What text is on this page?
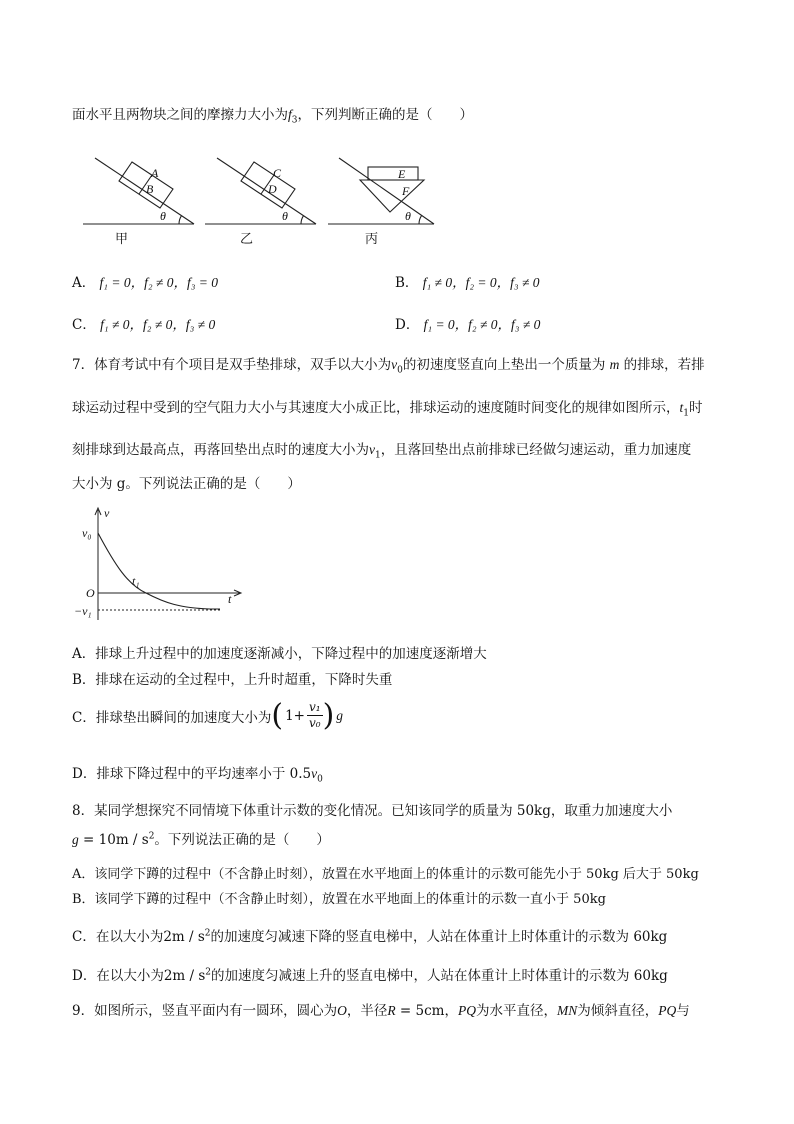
面水平且两物块之间的摩擦力大小为$f_3$，下列判断正确的是（　　）
A
B
θ
C
D
θ
E
F
θ
甲	乙	丙
A． f₁ = 0，f₂ ≠ 0，f₃ = 0	B． f₁ ≠ 0，f₂ = 0，f₃ ≠ 0
C． f₁ ≠ 0，f₂ ≠ 0，f₃ ≠ 0	D． f₁ = 0，f₂ ≠ 0，f₃ ≠ 0
7．体育考试中有个项目是双手垫排球，双手以大小为$v_0$的初速度竖直向上垫出一个质量为 m 的排球，若排
球运动过程中受到的空气阻力大小与其速度大小成正比，排球运动的速度随时间变化的规律如图所示，$t_1$时
刻排球到达最高点，再落回垫出点时的速度大小为$v_1$，且落回垫出点前排球已经做匀速运动，重力加速度
大小为 g。下列说法正确的是（　　）
v
v₀
O
t₁
t
−v₁
A．排球上升过程中的加速度逐渐减小，下降过程中的加速度逐渐增大
B．排球在运动的全过程中，上升时超重，下降时失重
C．排球垫出瞬间的加速度大小为 ( $1+ \frac{\text{v₁}}{\text{v₀}}$ ) g
D．排球下降过程中的平均速率小于 $0.5v_0$
8．某同学想探究不同情境下体重计示数的变化情况。已知该同学的质量为 50kg，取重力加速度大小
$g = 10m / s^2$。下列说法正确的是（　　）
A．该同学下蹲的过程中（不含静止时刻），放置在水平地面上的体重计的示数可能先小于 50kg 后大于 50kg
B．该同学下蹲的过程中（不含静止时刻），放置在水平地面上的体重计的示数一直小于 50kg
C．在以大小为$2m / s^2$的加速度匀减速下降的竖直电梯中，人站在体重计上时体重计的示数为 60kg
D．在以大小为$2m / s^2$的加速度匀减速上升的竖直电梯中，人站在体重计上时体重计的示数为 60kg
9．如图所示，竖直平面内有一圆环，圆心为O，半径R = 5cm，PQ为水平直径，MN为倾斜直径，PQ与
